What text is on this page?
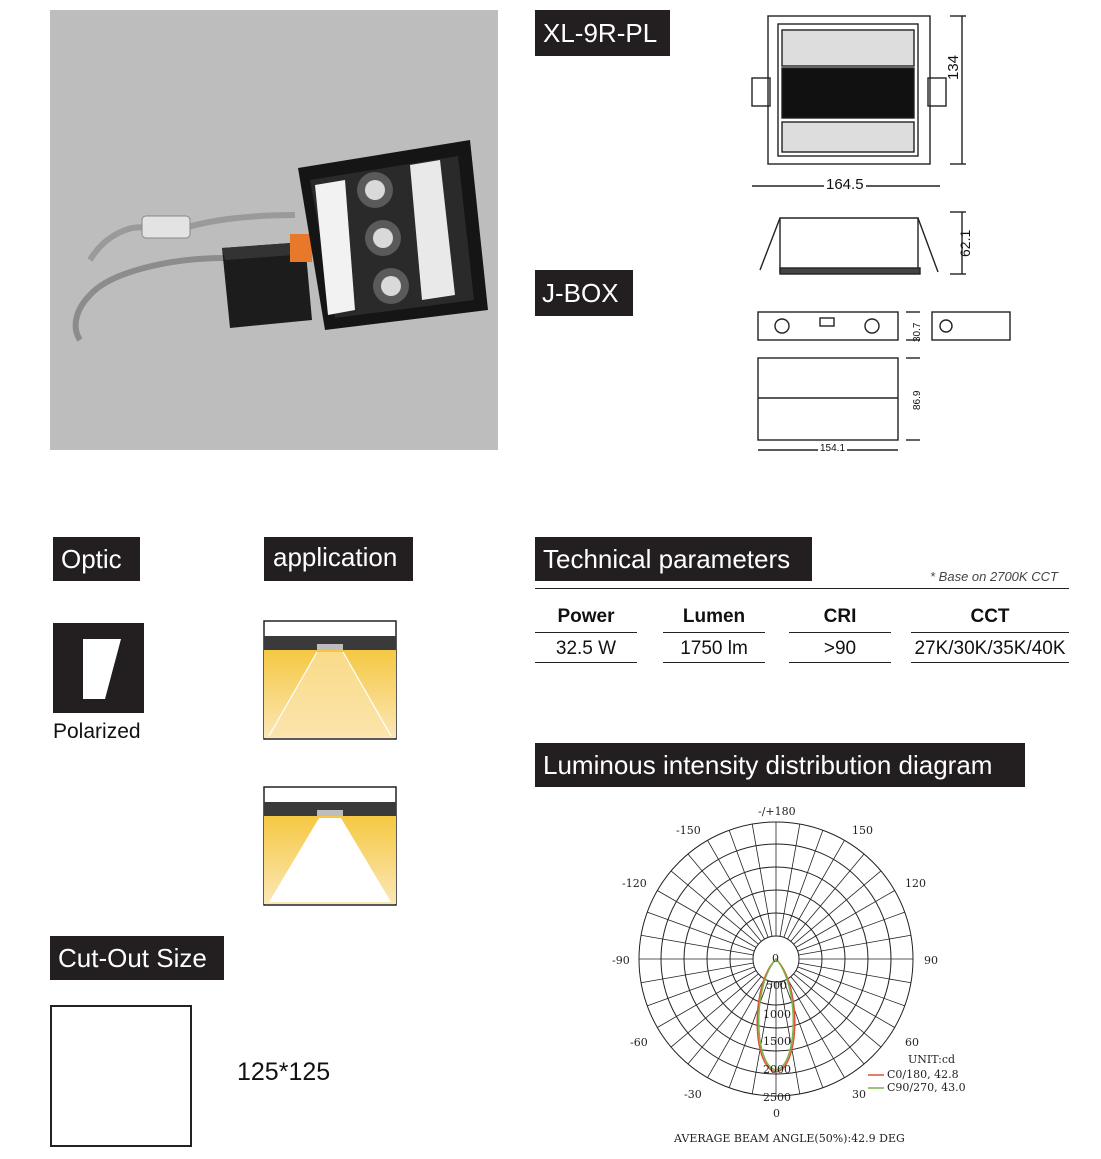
XL-9R-PL
J-BOX
134
164.5
62.1
30.7
86.9
154.1
Optic
Polarized
application	Technical parameters
* Base on 2700K CCT
Power	Lumen	CRI	CCT
32.5 W	1750 lm	>90	27K/30K/35K/40K
Luminous intensity distribution diagram
-/+180
-150	150
-120	120
-90	90
-60	60
-30	30
0
0
500
1000
1500
2000
2500
UNIT:cd
C0/180, 42.8
C90/270, 43.0
AVERAGE BEAM ANGLE(50%):42.9 DEG
Cut-Out Size
125*125
